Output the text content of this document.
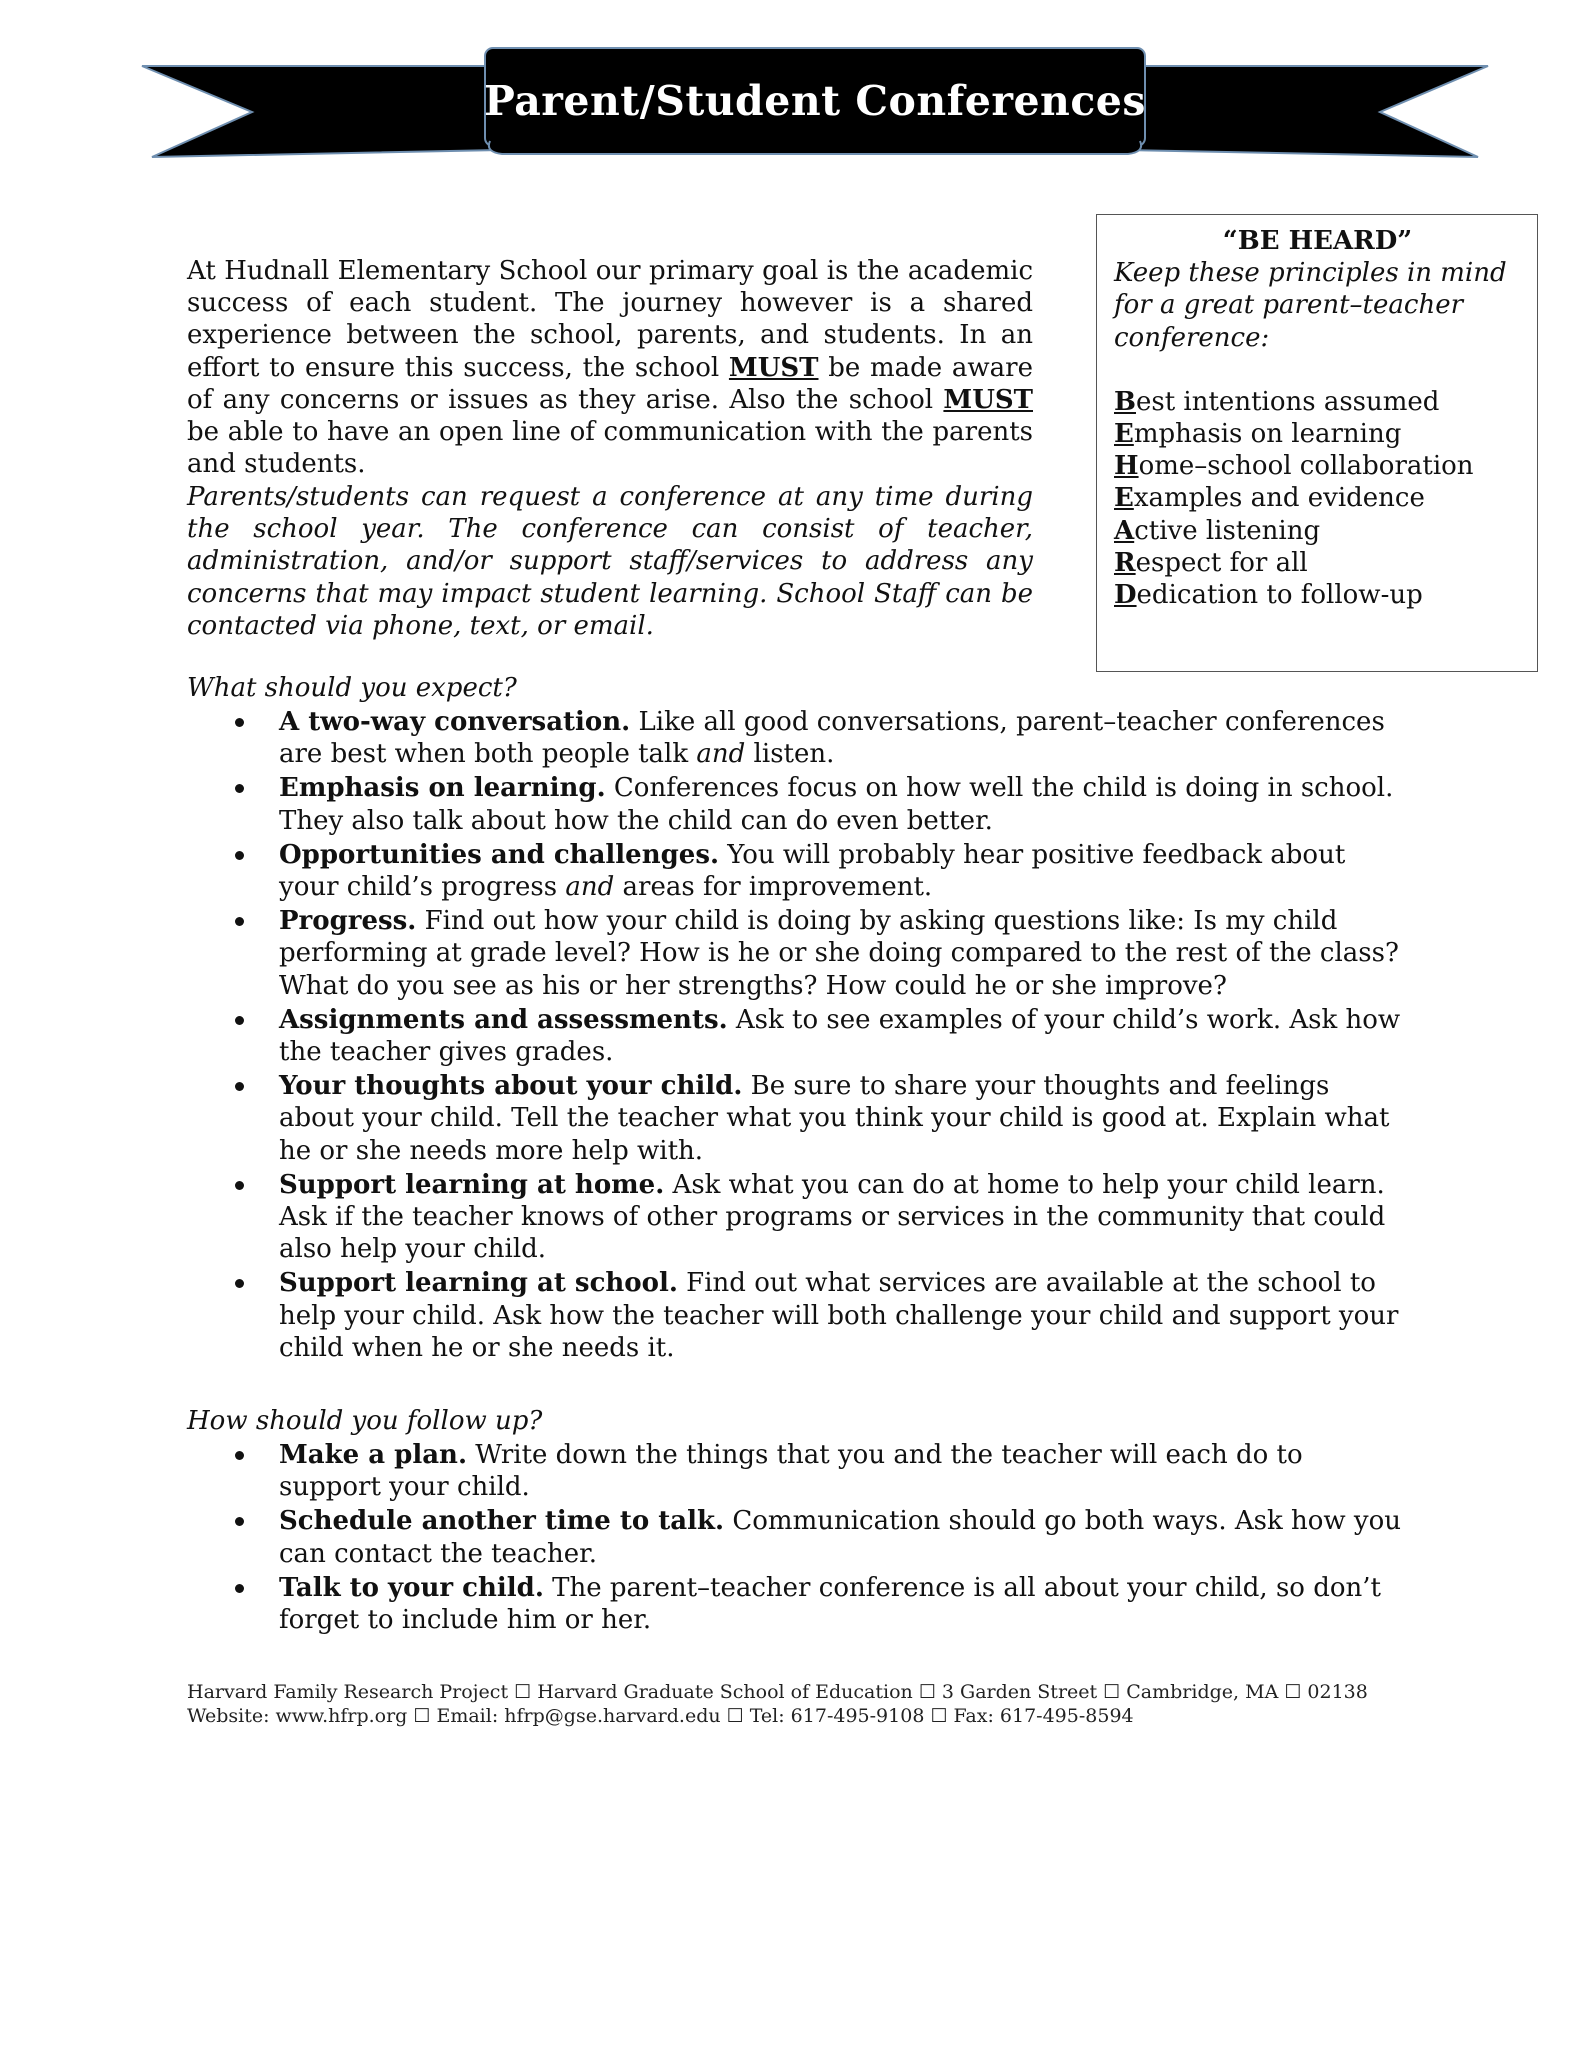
Parent/Student Conferences

At Hudnall Elementary School our primary goal is the academic success of each student. The journey however is a shared experience between the school, parents, and students. In an effort to ensure this success, the school MUST be made aware of any concerns or issues as they arise. Also the school MUST be able to have an open line of communication with the parents and students.

Parents/students can request a conference at any time during the school year. The conference can consist of teacher, administration, and/or support staff/services to address any concerns that may impact student learning. School Staff can be contacted via phone, text, or email.

“BE HEARD”
Keep these principles in mind for a great parent–teacher conference:
Best intentions assumed
Emphasis on learning
Home–school collaboration
Examples and evidence
Active listening
Respect for all
Dedication to follow-up
What should you expect?
A two-way conversation. Like all good conversations, parent–teacher conferences are best when both people talk and listen.
Emphasis on learning. Conferences focus on how well the child is doing in school. They also talk about how the child can do even better.
Opportunities and challenges. You will probably hear positive feedback about your child’s progress and areas for improvement.
Progress. Find out how your child is doing by asking questions like: Is my child performing at grade level? How is he or she doing compared to the rest of the class? What do you see as his or her strengths? How could he or she improve?
Assignments and assessments. Ask to see examples of your child’s work. Ask how the teacher gives grades.
Your thoughts about your child. Be sure to share your thoughts and feelings about your child. Tell the teacher what you think your child is good at. Explain what he or she needs more help with.
Support learning at home. Ask what you can do at home to help your child learn. Ask if the teacher knows of other programs or services in the community that could also help your child.
Support learning at school. Find out what services are available at the school to help your child. Ask how the teacher will both challenge your child and support your child when he or she needs it.
How should you follow up?
Make a plan. Write down the things that you and the teacher will each do to support your child.
Schedule another time to talk. Communication should go both ways. Ask how you can contact the teacher.
Talk to your child. The parent–teacher conference is all about your child, so don’t forget to include him or her.
Harvard Family Research Project ☐ Harvard Graduate School of Education ☐ 3 Garden Street ☐ Cambridge, MA ☐ 02138
Website: www.hfrp.org ☐ Email: hfrp@gse.harvard.edu ☐ Tel: 617-495-9108 ☐ Fax: 617-495-8594
